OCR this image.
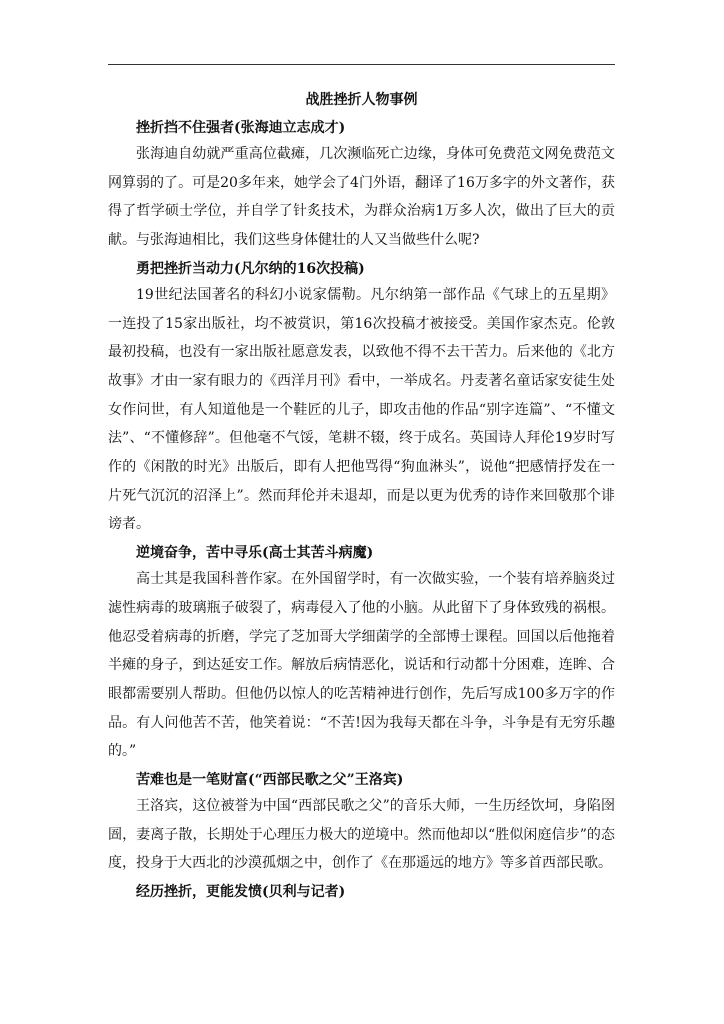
战胜挫折人物事例
挫折挡不住强者(张海迪立志成才)

张海迪自幼就严重高位截瘫，几次濒临死亡边缘，身体可免费范文网免费范文网算弱的了。可是20多年来，她学会了4门外语，翻译了16万多字的外文著作，获得了哲学硕士学位，并自学了针炙技术，为群众治病1万多人次，做出了巨大的贡献。与张海迪相比，我们这些身体健壮的人又当做些什么呢?

勇把挫折当动力(凡尔纳的16次投稿)

19世纪法国著名的科幻小说家儒勒。凡尔纳第一部作品《气球上的五星期》一连投了15家出版社，均不被赏识，第16次投稿才被接受。美国作家杰克。伦敦最初投稿，也没有一家出版社愿意发表，以致他不得不去干苦力。后来他的《北方故事》才由一家有眼力的《西洋月刊》看中，一举成名。丹麦著名童话家安徒生处女作问世，有人知道他是一个鞋匠的儿子，即攻击他的作品“别字连篇”、“不懂文法”、“不懂修辞”。但他毫不气馁，笔耕不辍，终于成名。英国诗人拜伦19岁时写作的《闲散的时光》出版后，即有人把他骂得“狗血淋头”，说他“把感情抒发在一片死气沉沉的沼泽上”。然而拜伦并未退却，而是以更为优秀的诗作来回敬那个诽谤者。

逆境奋争，苦中寻乐(高士其苦斗病魔)

高士其是我国科普作家。在外国留学时，有一次做实验，一个装有培养脑炎过滤性病毒的玻璃瓶子破裂了，病毒侵入了他的小脑。从此留下了身体致残的祸根。他忍受着病毒的折磨，学完了芝加哥大学细菌学的全部博士课程。回国以后他拖着半瘫的身子，到达延安工作。解放后病情恶化，说话和行动都十分困难，连眸、合眼都需要别人帮助。但他仍以惊人的吃苦精神进行创作，先后写成100多万字的作品。有人问他苦不苦，他笑着说：“不苦!因为我每天都在斗争，斗争是有无穷乐趣的。”

苦难也是一笔财富(“西部民歌之父”王洛宾)

王洛宾，这位被誉为中国“西部民歌之父”的音乐大师，一生历经饮坷，身陷囹圄，妻离子散，长期处于心理压力极大的逆境中。然而他却以“胜似闲庭信步”的态度，投身于大西北的沙漠孤烟之中，创作了《在那遥远的地方》等多首西部民歌。

经历挫折，更能发愤(贝利与记者)
